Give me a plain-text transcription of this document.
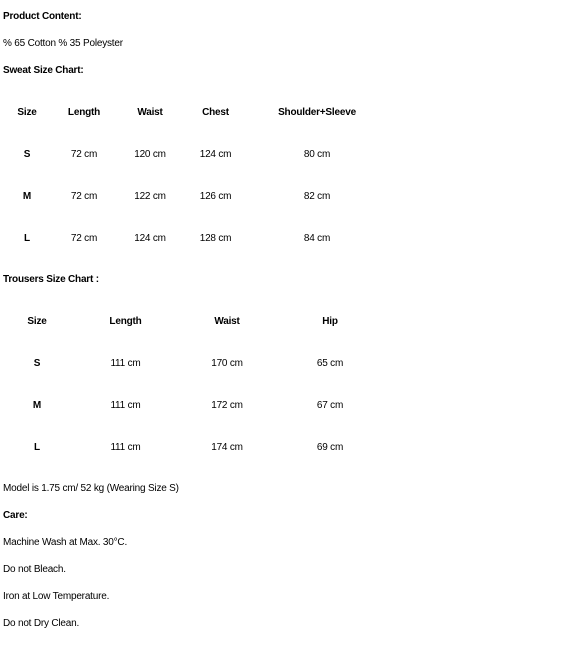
Product Content:
% 65 Cotton % 35 Poleyster
Sweat Size Chart:
Size	Length	Waist	Chest	Shoulder+Sleeve
S	72 cm	120 cm	124 cm	80 cm
M	72 cm	122 cm	126 cm	82 cm
L	72 cm	124 cm	128 cm	84 cm
Trousers Size Chart :
Size	Length	Waist	Hip
S	111 cm	170 cm	65 cm
M	111 cm	172 cm	67 cm
L	111 cm	174 cm	69 cm
Model is 1.75 cm/ 52 kg (Wearing Size S)
Care:
Machine Wash at Max. 30°C.
Do not Bleach.
Iron at Low Temperature.
Do not Dry Clean.
